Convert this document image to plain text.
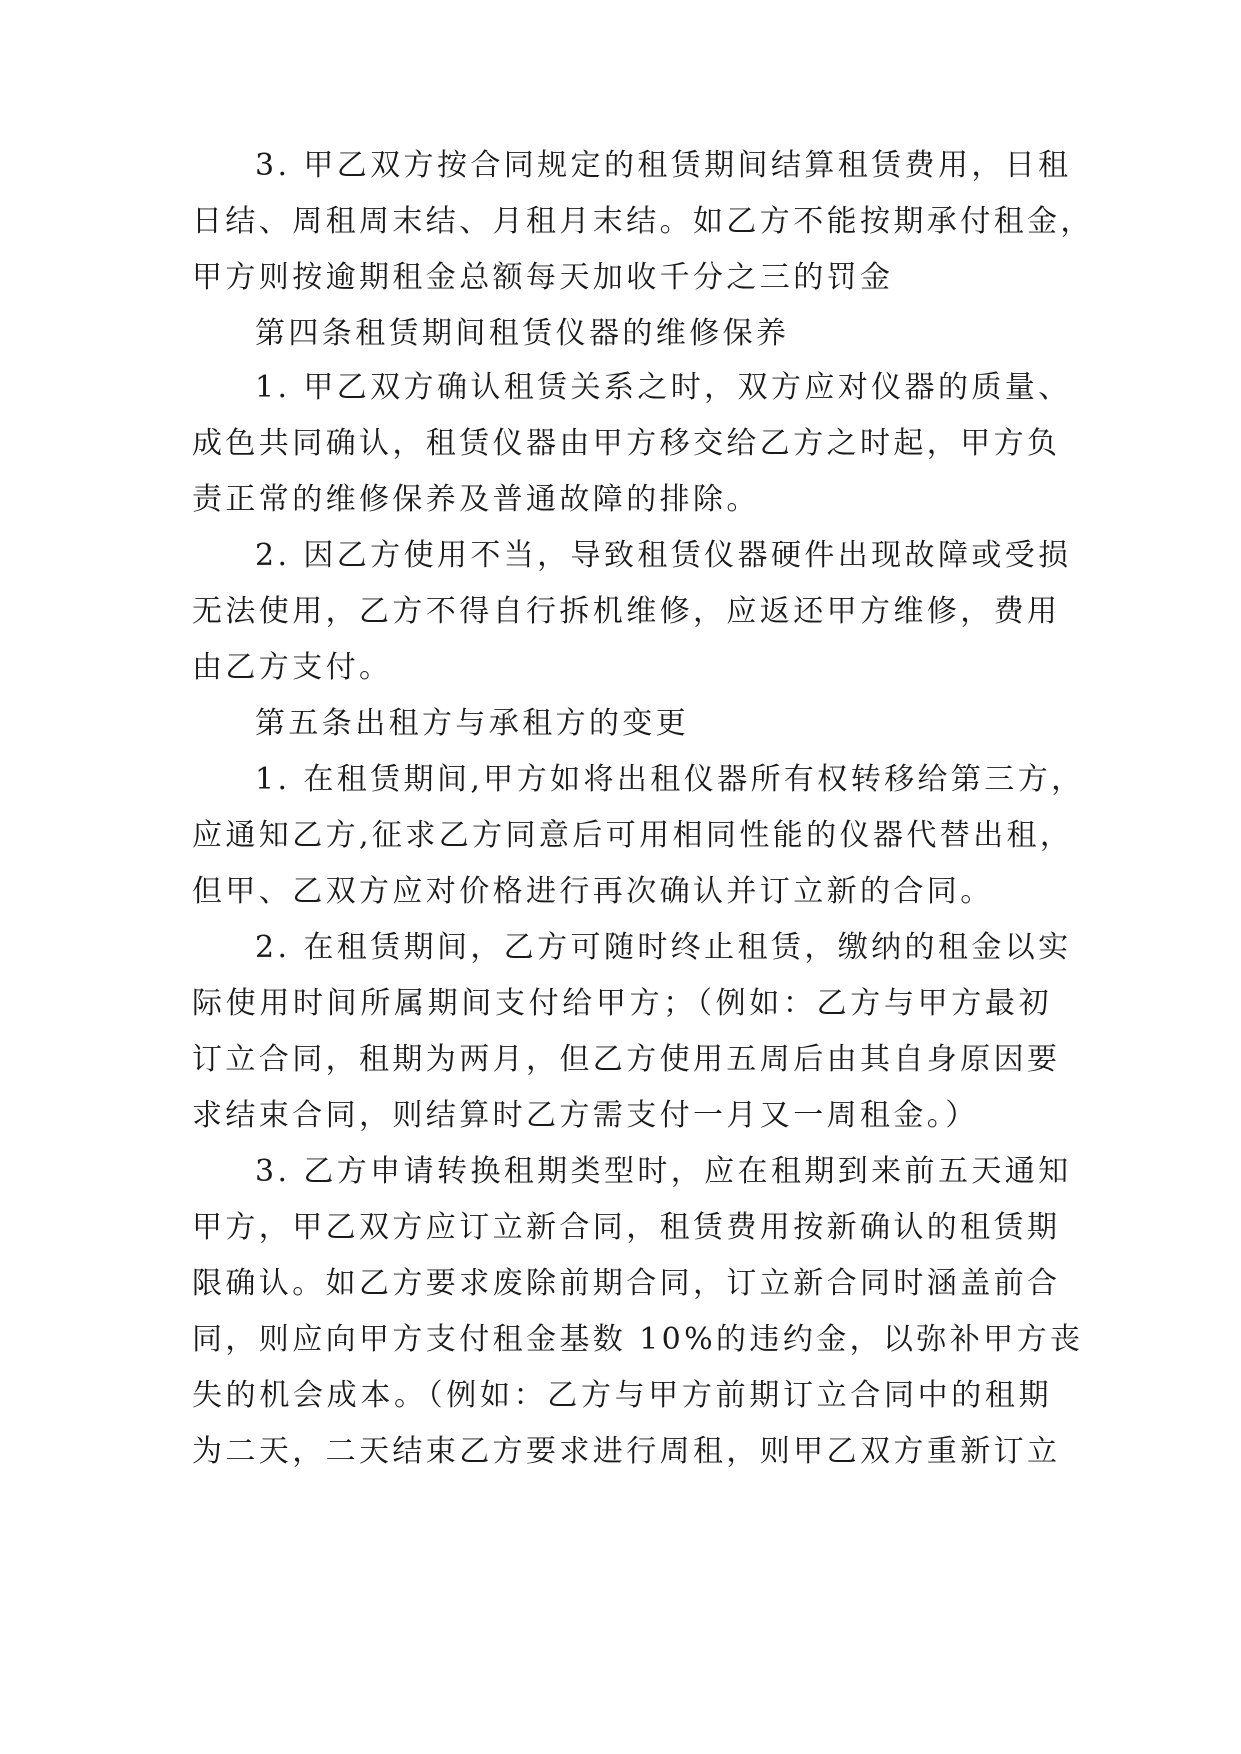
3. 甲乙双方按合同规定的租赁期间结算租赁费用，日租
日结、周租周末结、月租月末结。如乙方不能按期承付租金，
甲方则按逾期租金总额每天加收千分之三的罚金
第四条租赁期间租赁仪器的维修保养
1. 甲乙双方确认租赁关系之时，双方应对仪器的质量、
成色共同确认，租赁仪器由甲方移交给乙方之时起，甲方负
责正常的维修保养及普通故障的排除。
2. 因乙方使用不当，导致租赁仪器硬件出现故障或受损
无法使用，乙方不得自行拆机维修，应返还甲方维修，费用
由乙方支付。
第五条出租方与承租方的变更
1. 在租赁期间,甲方如将出租仪器所有权转移给第三方，
应通知乙方,征求乙方同意后可用相同性能的仪器代替出租，
但甲、乙双方应对价格进行再次确认并订立新的合同。
2. 在租赁期间，乙方可随时终止租赁，缴纳的租金以实
际使用时间所属期间支付给甲方；（例如：乙方与甲方最初
订立合同，租期为两月，但乙方使用五周后由其自身原因要
求结束合同，则结算时乙方需支付一月又一周租金。）
3. 乙方申请转换租期类型时，应在租期到来前五天通知
甲方，甲乙双方应订立新合同，租赁费用按新确认的租赁期
限确认。如乙方要求废除前期合同，订立新合同时涵盖前合
同，则应向甲方支付租金基数 10%的违约金，以弥补甲方丧
失的机会成本。（例如：乙方与甲方前期订立合同中的租期
为二天，二天结束乙方要求进行周租，则甲乙双方重新订立
